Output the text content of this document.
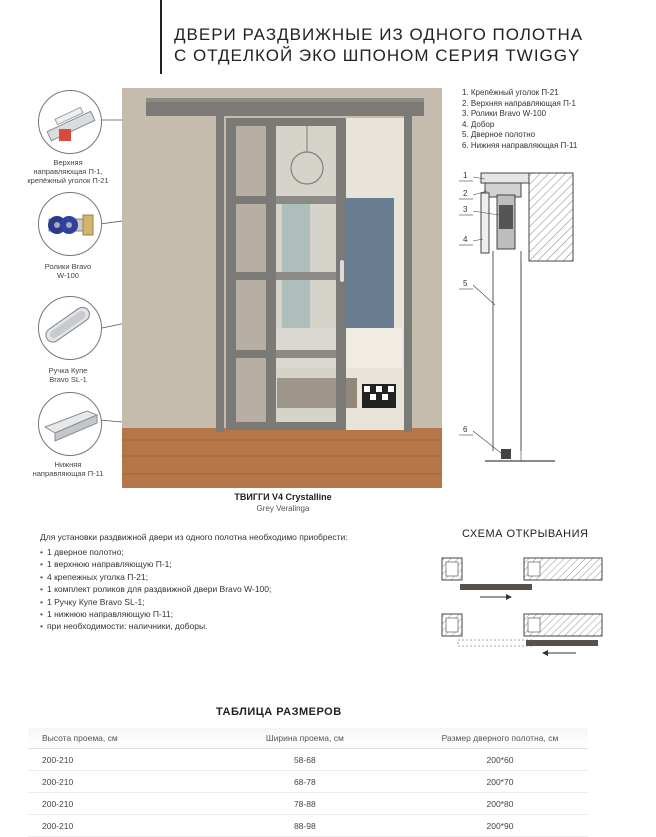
ДВЕРИ РАЗДВИЖНЫЕ ИЗ ОДНОГО ПОЛОТНА
С ОТДЕЛКОЙ ЭКО ШПОНОМ СЕРИЯ TWIGGY
Верхняя
направляющая П-1,
крепёжный уголок П-21
Ролики Bravo
W-100
Ручка Купе
Bravo SL-1
Нижняя
направляющая П-11
ТВИГГИ V4 Crystalline
Grey Veralinga
1. Крепёжный уголок П-21
2. Верхняя направляющая П-1
3. Ролики Bravo W-100
4. Добор
5. Дверное полотно
6. Нижняя направляющая П-11
1
2
3
4
5
6
Для установки раздвижной двери из одного полотна необходимо приобрести:
• 1 дверное полотно;
• 1 верхнюю направляющую П-1;
• 4 крепежных уголка П-21;
• 1 комплект роликов для раздвижной двери Bravo W-100;
• 1 Ручку Купе Bravo SL-1;
• 1 нижнюю направляющую П-11;
• при необходимости: наличники, доборы.
СХЕМА ОТКРЫВАНИЯ
ТАБЛИЦА РАЗМЕРОВ
Высота проема, см	Ширина проема, см	Размер дверного полотна, см
200-210	58-68	200*60
200-210	68-78	200*70
200-210	78-88	200*80
200-210	88-98	200*90
